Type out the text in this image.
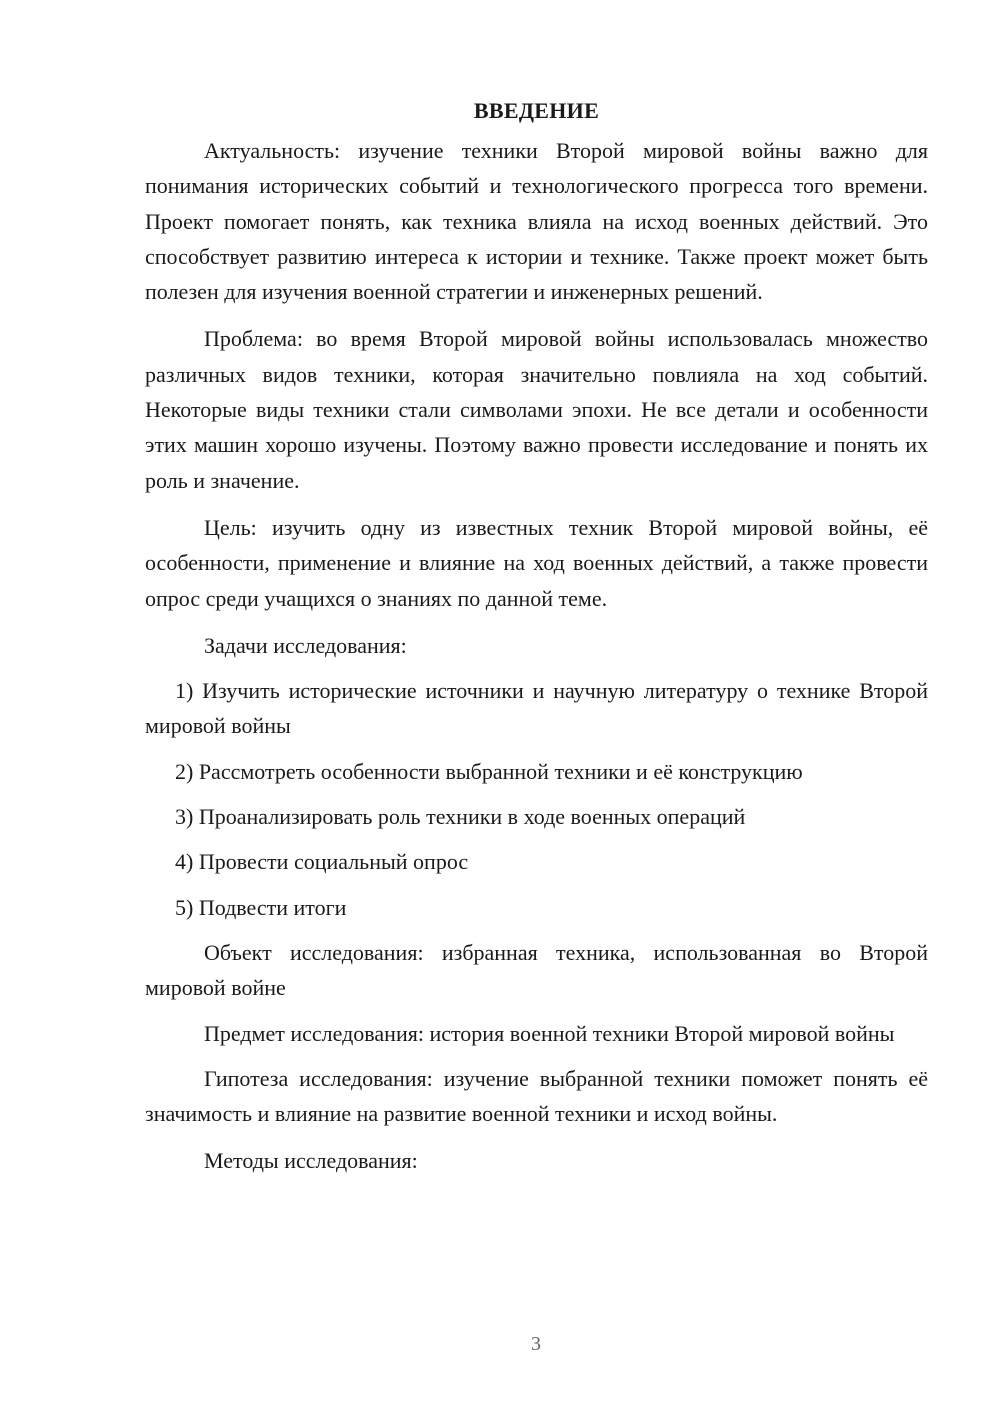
ВВЕДЕНИЕ

Актуальность: изучение техники Второй мировой войны важно для понимания исторических событий и технологического прогресса того времени. Проект помогает понять, как техника влияла на исход военных действий. Это способствует развитию интереса к истории и технике. Также проект может быть полезен для изучения военной стратегии и инженерных решений.

Проблема: во время Второй мировой войны использовалась множество различных видов техники, которая значительно повлияла на ход событий. Некоторые виды техники стали символами эпохи. Не все детали и особенности этих машин хорошо изучены. Поэтому важно провести исследование и понять их роль и значение.

Цель: изучить одну из известных техник Второй мировой войны, её особенности, применение и влияние на ход военных действий, а также провести опрос среди учащихся о знаниях по данной теме.

Задачи исследования:

1) Изучить исторические источники и научную литературу о технике Второй мировой войны

2) Рассмотреть особенности выбранной техники и её конструкцию

3) Проанализировать роль техники в ходе военных операций

4) Провести социальный опрос

5) Подвести итоги

Объект исследования: избранная техника, использованная во Второй мировой войне

Предмет исследования: история военной техники Второй мировой войны

Гипотеза исследования: изучение выбранной техники поможет понять её значимость и влияние на развитие военной техники и исход войны.

Методы исследования:

3
